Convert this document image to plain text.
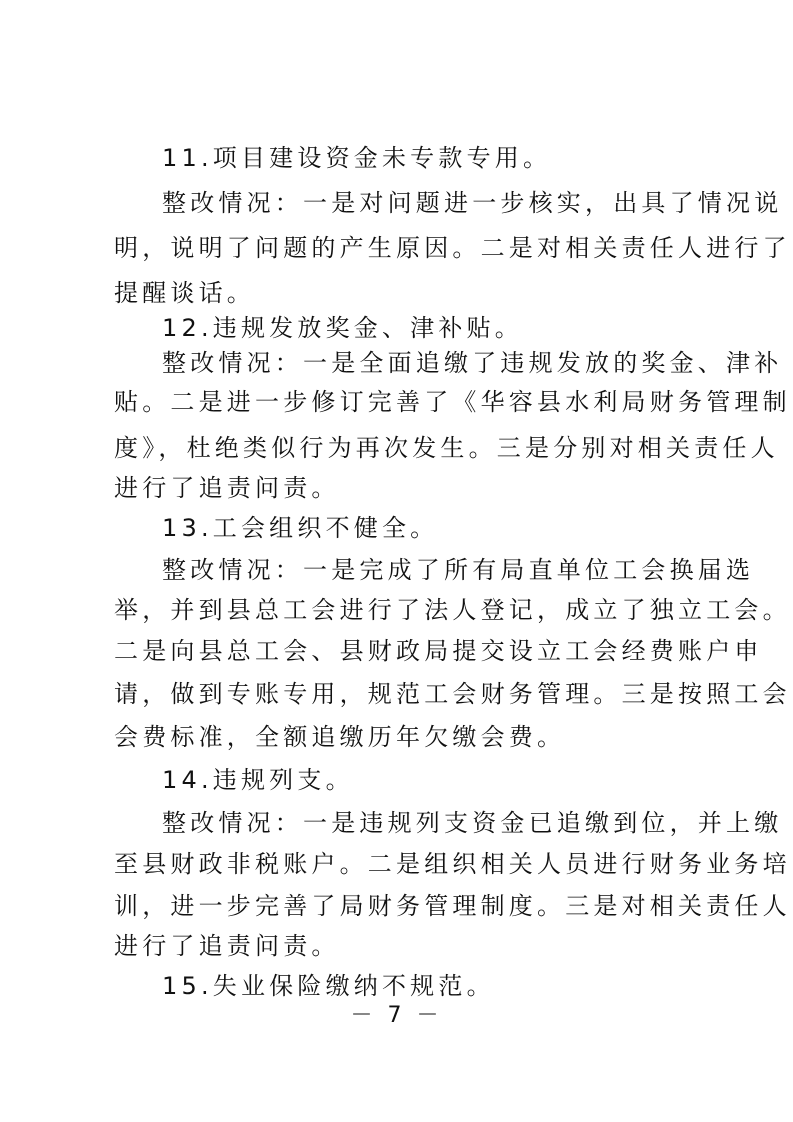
11.项目建设资金未专款专用。
整改情况：一是对问题进一步核实，出具了情况说
明，说明了问题的产生原因。二是对相关责任人进行了
提醒谈话。
12.违规发放奖金、津补贴。
整改情况：一是全面追缴了违规发放的奖金、津补
贴。二是进一步修订完善了《华容县水利局财务管理制
度》，杜绝类似行为再次发生。三是分别对相关责任人
进行了追责问责。
13.工会组织不健全。
整改情况：一是完成了所有局直单位工会换届选
举，并到县总工会进行了法人登记，成立了独立工会。
二是向县总工会、县财政局提交设立工会经费账户申
请，做到专账专用，规范工会财务管理。三是按照工会
会费标准，全额追缴历年欠缴会费。
14.违规列支。
整改情况：一是违规列支资金已追缴到位，并上缴
至县财政非税账户。二是组织相关人员进行财务业务培
训，进一步完善了局财务管理制度。三是对相关责任人
进行了追责问责。
15.失业保险缴纳不规范。
－ 7 －
